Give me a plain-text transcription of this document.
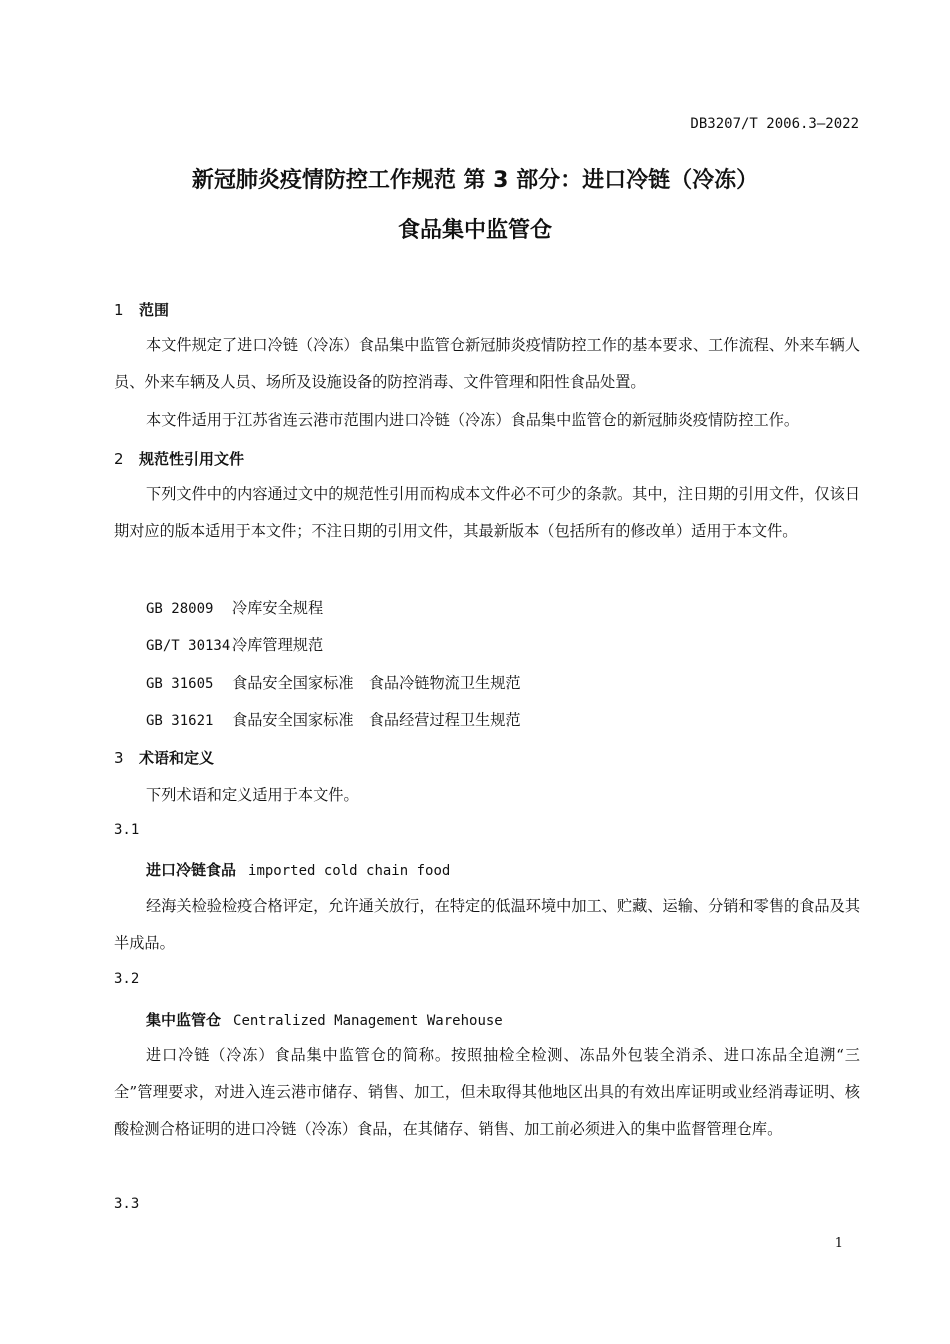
DB3207/T 2006.3—2022
新冠肺炎疫情防控工作规范 第 3 部分：进口冷链（冷冻）
食品集中监管仓
1 范围
本文件规定了进口冷链（冷冻）食品集中监管仓新冠肺炎疫情防控工作的基本要求、工作流程、外来车辆人员、外来车辆及人员、场所及设施设备的防控消毒、文件管理和阳性食品处置。
本文件适用于江苏省连云港市范围内进口冷链（冷冻）食品集中监管仓的新冠肺炎疫情防控工作。
2 规范性引用文件
下列文件中的内容通过文中的规范性引用而构成本文件必不可少的条款。其中，注日期的引用文件，仅该日期对应的版本适用于本文件；不注日期的引用文件，其最新版本（包括所有的修改单）适用于本文件。
GB 28009 冷库安全规程
GB/T 30134 冷库管理规范
GB 31605 食品安全国家标准　食品冷链物流卫生规范
GB 31621 食品安全国家标准　食品经营过程卫生规范
3 术语和定义
下列术语和定义适用于本文件。
3.1
进口冷链食品 imported cold chain food
经海关检验检疫合格评定，允许通关放行，在特定的低温环境中加工、贮藏、运输、分销和零售的食品及其半成品。
3.2
集中监管仓 Centralized Management Warehouse
进口冷链（冷冻）食品集中监管仓的简称。按照抽检全检测、冻品外包装全消杀、进口冻品全追溯“三全”管理要求，对进入连云港市储存、销售、加工，但未取得其他地区出具的有效出库证明或业经消毒证明、核酸检测合格证明的进口冷链（冷冻）食品，在其储存、销售、加工前必须进入的集中监督管理仓库。
3.3
1
